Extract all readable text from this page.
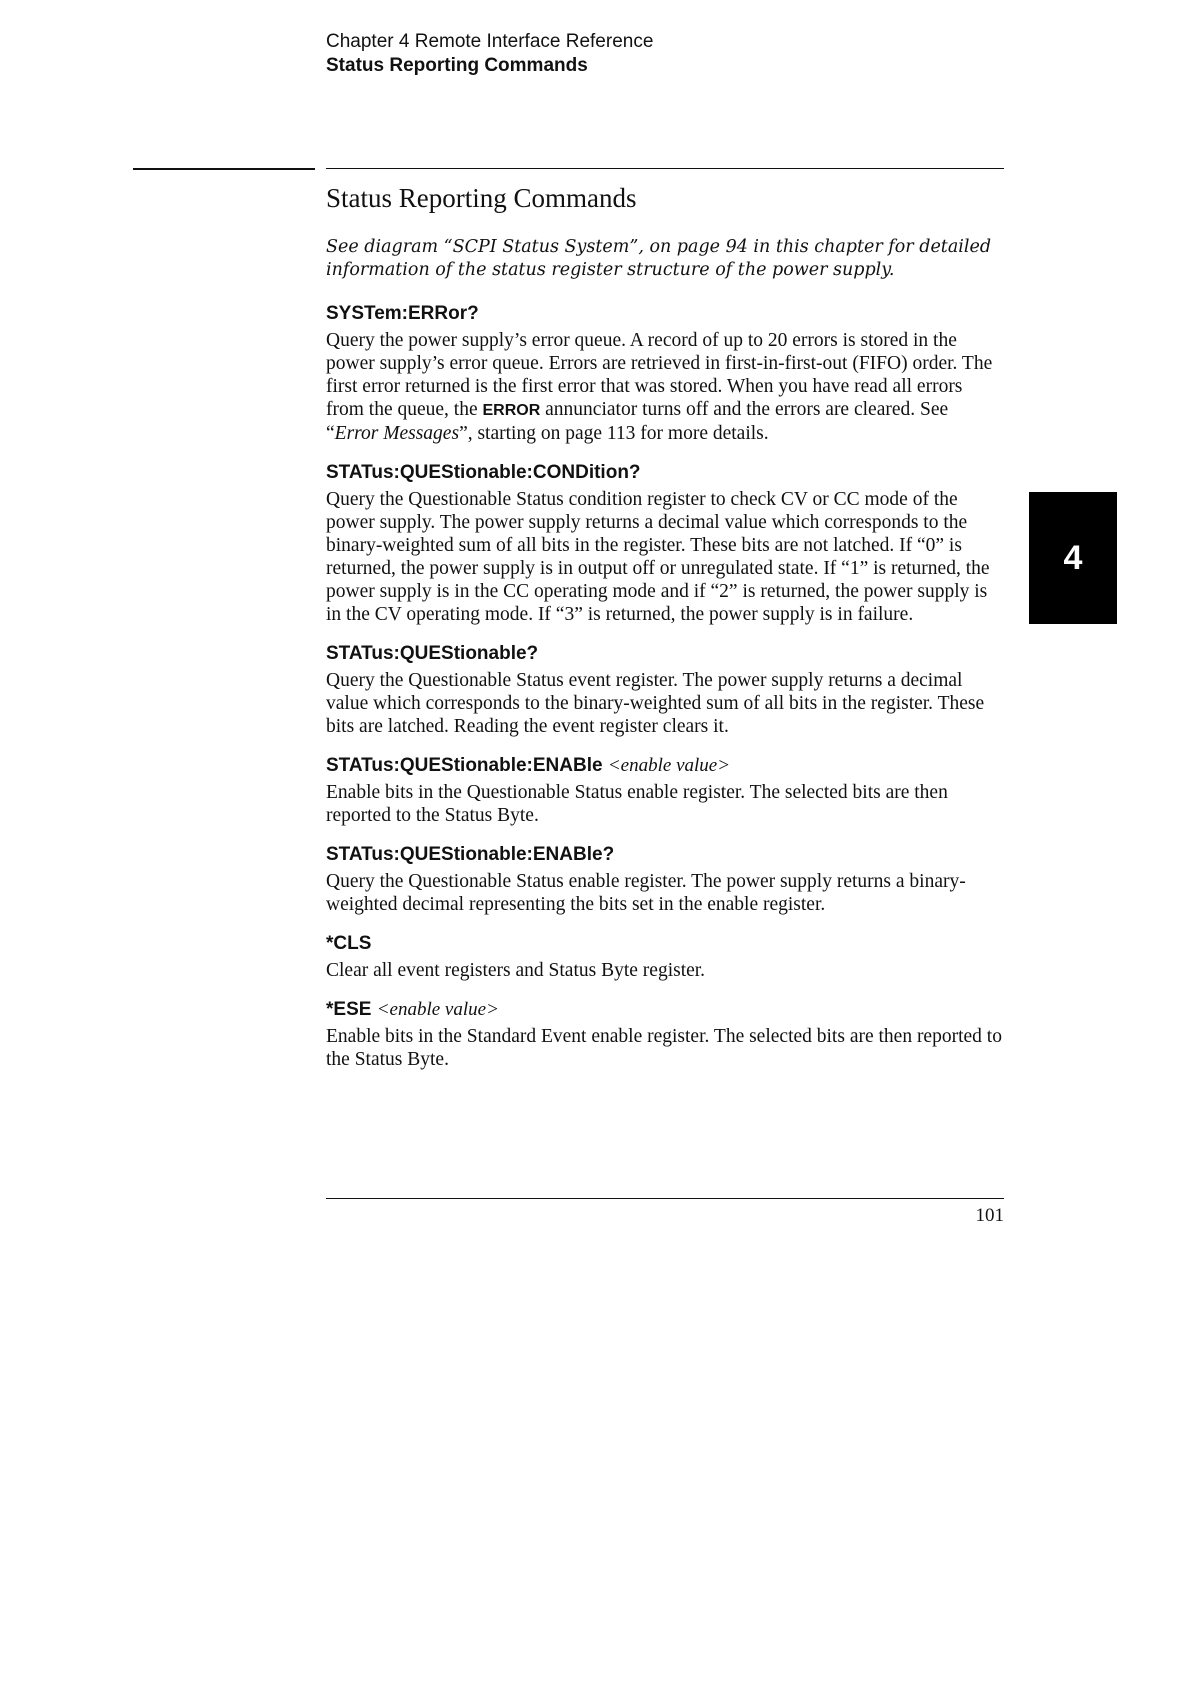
Chapter 4 Remote Interface Reference
Status Reporting Commands
Status Reporting Commands

See diagram “SCPI Status System”, on page 94 in this chapter for detailed information of the status register structure of the power supply.

SYSTem:ERRor?

Query the power supply’s error queue. A record of up to 20 errors is stored in the power supply’s error queue. Errors are retrieved in first-in-first-out (FIFO) order. The first error returned is the first error that was stored. When you have read all errors from the queue, the ERROR annunciator turns off and the errors are cleared. See “Error Messages”, starting on page 113 for more details.

STATus:QUEStionable:CONDition?

Query the Questionable Status condition register to check CV or CC mode of the power supply. The power supply returns a decimal value which corresponds to the binary-weighted sum of all bits in the register. These bits are not latched. If “0” is returned, the power supply is in output off or unregulated state. If “1” is returned, the power supply is in the CC operating mode and if “2” is returned, the power supply is in the CV operating mode. If “3” is returned, the power supply is in failure.

STATus:QUEStionable?

Query the Questionable Status event register. The power supply returns a decimal value which corresponds to the binary-weighted sum of all bits in the register. These bits are latched. Reading the event register clears it.

STATus:QUEStionable:ENABle <enable value>

Enable bits in the Questionable Status enable register. The selected bits are then reported to the Status Byte.

STATus:QUEStionable:ENABle?

Query the Questionable Status enable register. The power supply returns a binary-weighted decimal representing the bits set in the enable register.

*CLS

Clear all event registers and Status Byte register.

*ESE <enable value>

Enable bits in the Standard Event enable register. The selected bits are then reported to the Status Byte.

4
101
